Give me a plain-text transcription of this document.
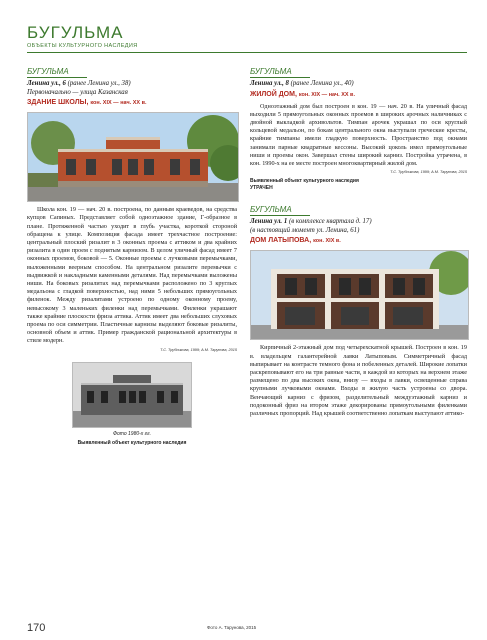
БУГУЛЬМА
ОБЪЕКТЫ КУЛЬТУРНОГО НАСЛЕДИЯ
БУГУЛЬМА
Ленина ул., 6 (ранее Ленина ул., 38)
Первоначально — улица Казанская
ЗДАНИЕ ШКОЛЫ, кон. XIX — нач. XX в.

Школа кон. 19 — нач. 20 в. построена, по данным краеведов, на средства купцов Сапиных. Представляет собой одноэтажное здание, Г-образное в плане. Протяженной частью уходит в глубь участка, короткой стороной обращена к улице. Композиция фасада имеет трехчастное построение: центральный плоский ризалит в 3 оконных проема с аттиком и два крайних ризалита в один проем с поднятым карнизом. В целом уличный фасад имеет 7 оконных проемов, боковой — 5. Оконные проемы с лучковыми перемычками, выложенными веерным способом. На центральном ризалите перемычки с выдвижкой и накладными каменными деталями. Над перемычками выложены ниши. На боковых ризалитах над перемычками расположено по 3 круглых медальона с гладкой поверхностью, над ними 5 небольших прямоугольных филенок. Между ризалитами устроено по одному оконному проему, невысокому 3 маленьких филенки над перемычками. Филенки украшают также крайние плоскости фриза аттика. Аттик имеет два небольших слуховых проема по оси симметрии. Пластичные карнизы выделяют боковые ризалиты, основной объем и аттик. Пример гражданской рациональной архитектуры в стиле модерн.

Т.С. Трубникова, 1999; А.М. Тарунова, 2015
Фото 1980-х гг.
Выявленный объект культурного наследия
БУГУЛЬМА
Ленина ул., 8 (ранее Ленина ул., 40)
ЖИЛОЙ ДОМ, кон. XIX — нач. XX в.

Одноэтажный дом был построен в кон. 19 — нач. 20 в. На уличный фасад выходили 5 прямоугольных оконных проемов в широких арочных наличниках с двойной выкладкой архивольтов. Тимпан арочек украшал по оси круглый кольцевой медальон, по бокам центрального окна выступали греческие кресты, крайние тимпаны имели гладкую поверхность. Пространство под окнами занимали парные квадратные кессоны. Высокий цоколь имел прямоугольные ниши и проемы окон. Завершал стены широкий карниз. Постройка утрачена, в кон. 1990-х на ее месте построен многоквартирный жилой дом.

Т.С. Трубникова, 1999; А.М. Тарунова, 2015
Выявленный объект культурного наследия
УТРАЧЕН
БУГУЛЬМА
Ленина ул. 1 (в комплексе квартала д. 17)
(в настоящий момент ул. Ленина, 61)
ДОМ ЛАТЫПОВА, кон. XIX в.

Кирпичный 2-этажный дом под четырехскатной крышей. Построен в кон. 19 в. владельцем галантерейной лавки Латыповым. Симметричный фасад выпирывает на контрасте темного фона и побеленных деталей. Широкие лопатки раскреповывают его на три равные части, в каждой из которых на верхнем этаже размещено по два высоких окна, внизу — входы в лавки, освещенные справа крупными лучковыми окнами. Входы в жилую часть устроены со двора. Венчающий карниз с фризом, разделительный междуэтажный карниз и подоконный фриз на втором этаже декорированы прямоугольными филенками различных пропорций. Над крышей соответственно лопаткам выступают аттико-

170	Фото А. Тарунова, 2015
